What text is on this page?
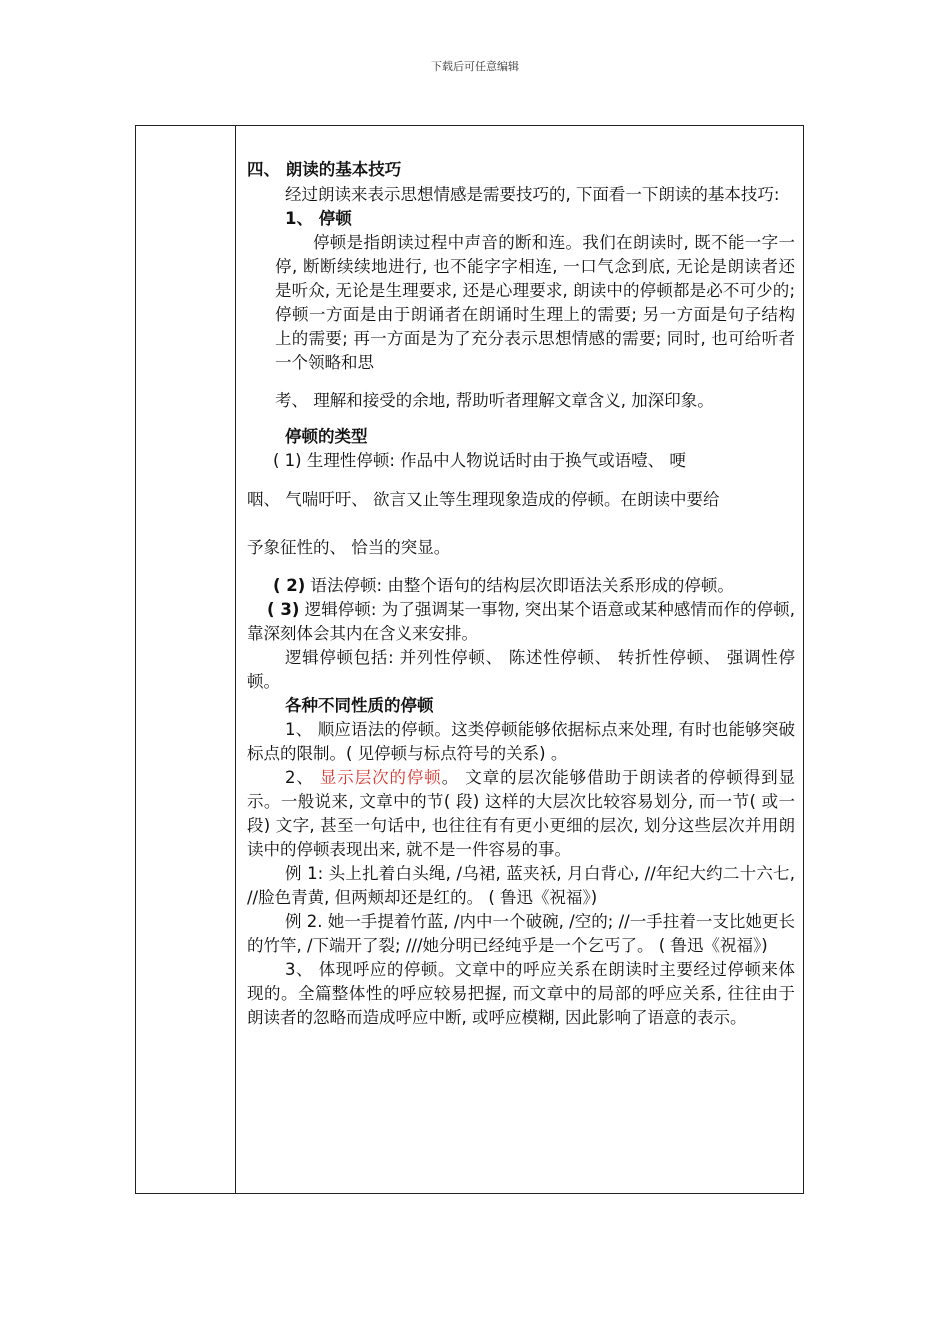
下载后可任意编辑

四、 朗读的基本技巧

经过朗读来表示思想情感是需要技巧的, 下面看一下朗读的基本技巧:

1、 停顿

停顿是指朗读过程中声音的断和连。我们在朗读时, 既不能一字一停, 断断续续地进行, 也不能字字相连, 一口气念到底, 无论是朗读者还是听众, 无论是生理要求, 还是心理要求, 朗读中的停顿都是必不可少的; 停顿一方面是由于朗诵者在朗诵时生理上的需要; 另一方面是句子结构上的需要; 再一方面是为了充分表示思想情感的需要; 同时, 也可给听者一个领略和思

考、 理解和接受的余地, 帮助听者理解文章含义, 加深印象。

停顿的类型

( 1) 生理性停顿: 作品中人物说话时由于换气或语噎、 哽

咽、 气喘吁吁、 欲言又止等生理现象造成的停顿。在朗读中要给

予象征性的、 恰当的突显。

( 2) 语法停顿: 由整个语句的结构层次即语法关系形成的停顿。

( 3) 逻辑停顿: 为了强调某一事物, 突出某个语意或某种感情而作的停顿, 靠深刻体会其内在含义来安排。

逻辑停顿包括: 并列性停顿、 陈述性停顿、 转折性停顿、 强调性停顿。

各种不同性质的停顿

1、 顺应语法的停顿。这类停顿能够依据标点来处理, 有时也能够突破标点的限制。( 见停顿与标点符号的关系) 。

2、 显示层次的停顿。 文章的层次能够借助于朗读者的停顿得到显示。一般说来, 文章中的节( 段) 这样的大层次比较容易划分, 而一节( 或一段) 文字, 甚至一句话中, 也往往有有更小更细的层次, 划分这些层次并用朗读中的停顿表现出来, 就不是一件容易的事。

例 1: 头上扎着白头绳, /乌裙, 蓝夹袄, 月白背心, //年纪大约二十六七, //脸色青黄, 但两颊却还是红的。 ( 鲁迅《祝福》)

例 2. 她一手提着竹蓝, /内中一个破碗, /空的; //一手拄着一支比她更长的竹竿, /下端开了裂; ///她分明已经纯乎是一个乞丐了。 ( 鲁迅《祝福》)

3、 体现呼应的停顿。文章中的呼应关系在朗读时主要经过停顿来体现的。全篇整体性的呼应较易把握, 而文章中的局部的呼应关系, 往往由于朗读者的忽略而造成呼应中断, 或呼应模糊, 因此影响了语意的表示。
